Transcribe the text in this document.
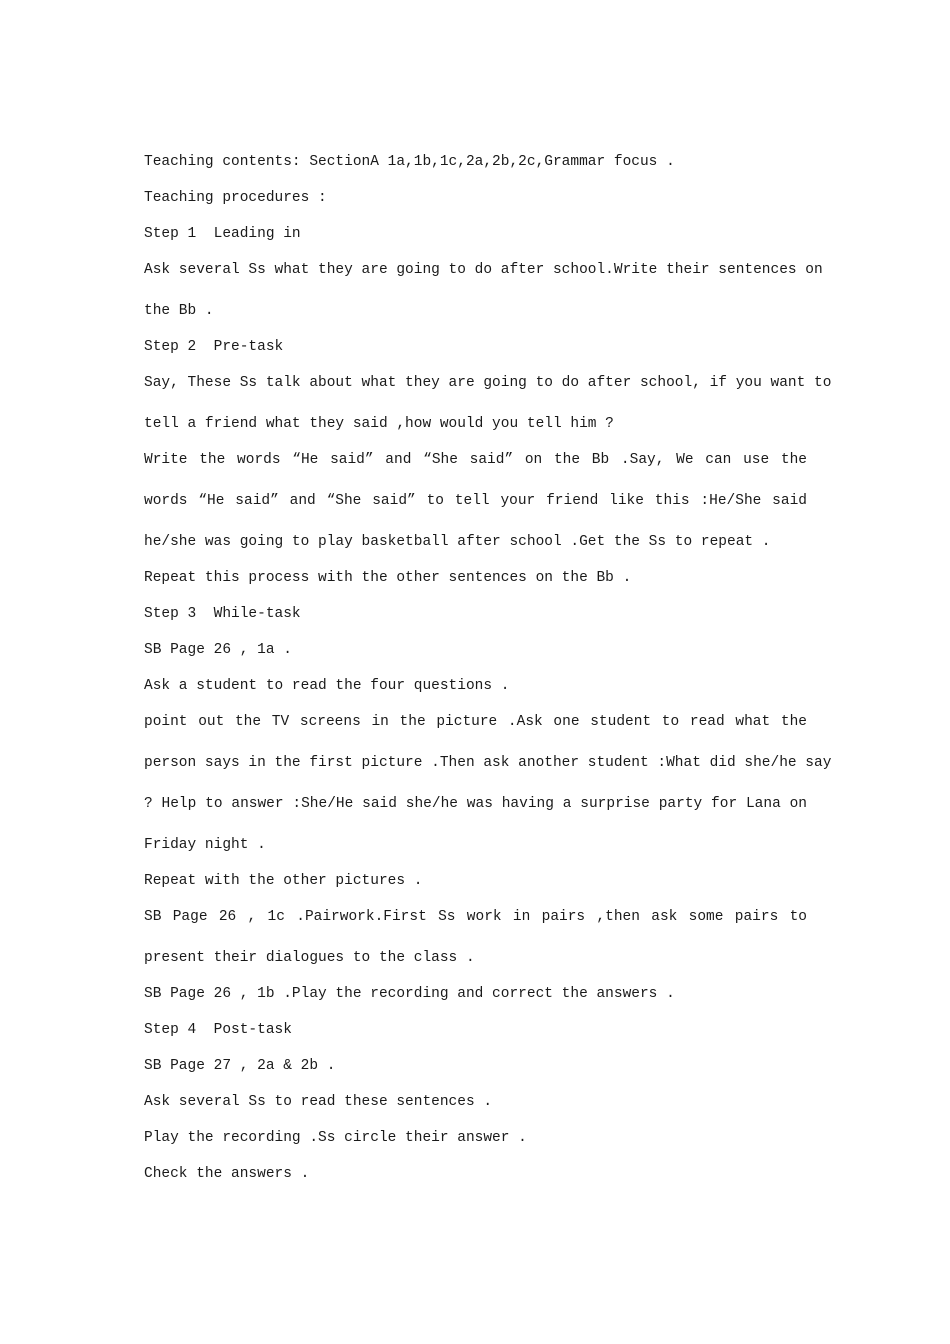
Teaching contents: SectionA 1a,1b,1c,2a,2b,2c,Grammar focus .
Teaching procedures :
Step 1  Leading in
Ask several Ss what they are going to do after school.Write their sentences on
the Bb .
Step 2  Pre-task
Say, These Ss talk about what they are going to do after school, if you want to
tell a friend what they said ,how would you tell him ?
Write the words “He said” and “She said” on the Bb .Say, We can use the
words “He said” and “She said” to tell your friend like this :He/She said
he/she was going to play basketball after school .Get the Ss to repeat .
Repeat this process with the other sentences on the Bb .
Step 3  While-task
SB Page 26 , 1a .
Ask a student to read the four questions .
point out the TV screens in the picture .Ask one student to read what the
person says in the first picture .Then ask another student :What did she/he say
? Help to answer :She/He said she/he was having a surprise party for Lana on
Friday night .
Repeat with the other pictures .
SB Page 26 , 1c .Pairwork.First Ss work in pairs ,then ask some pairs to
present their dialogues to the class .
SB Page 26 , 1b .Play the recording and correct the answers .
Step 4  Post-task
SB Page 27 , 2a & 2b .
Ask several Ss to read these sentences .
Play the recording .Ss circle their answer .
Check the answers .
